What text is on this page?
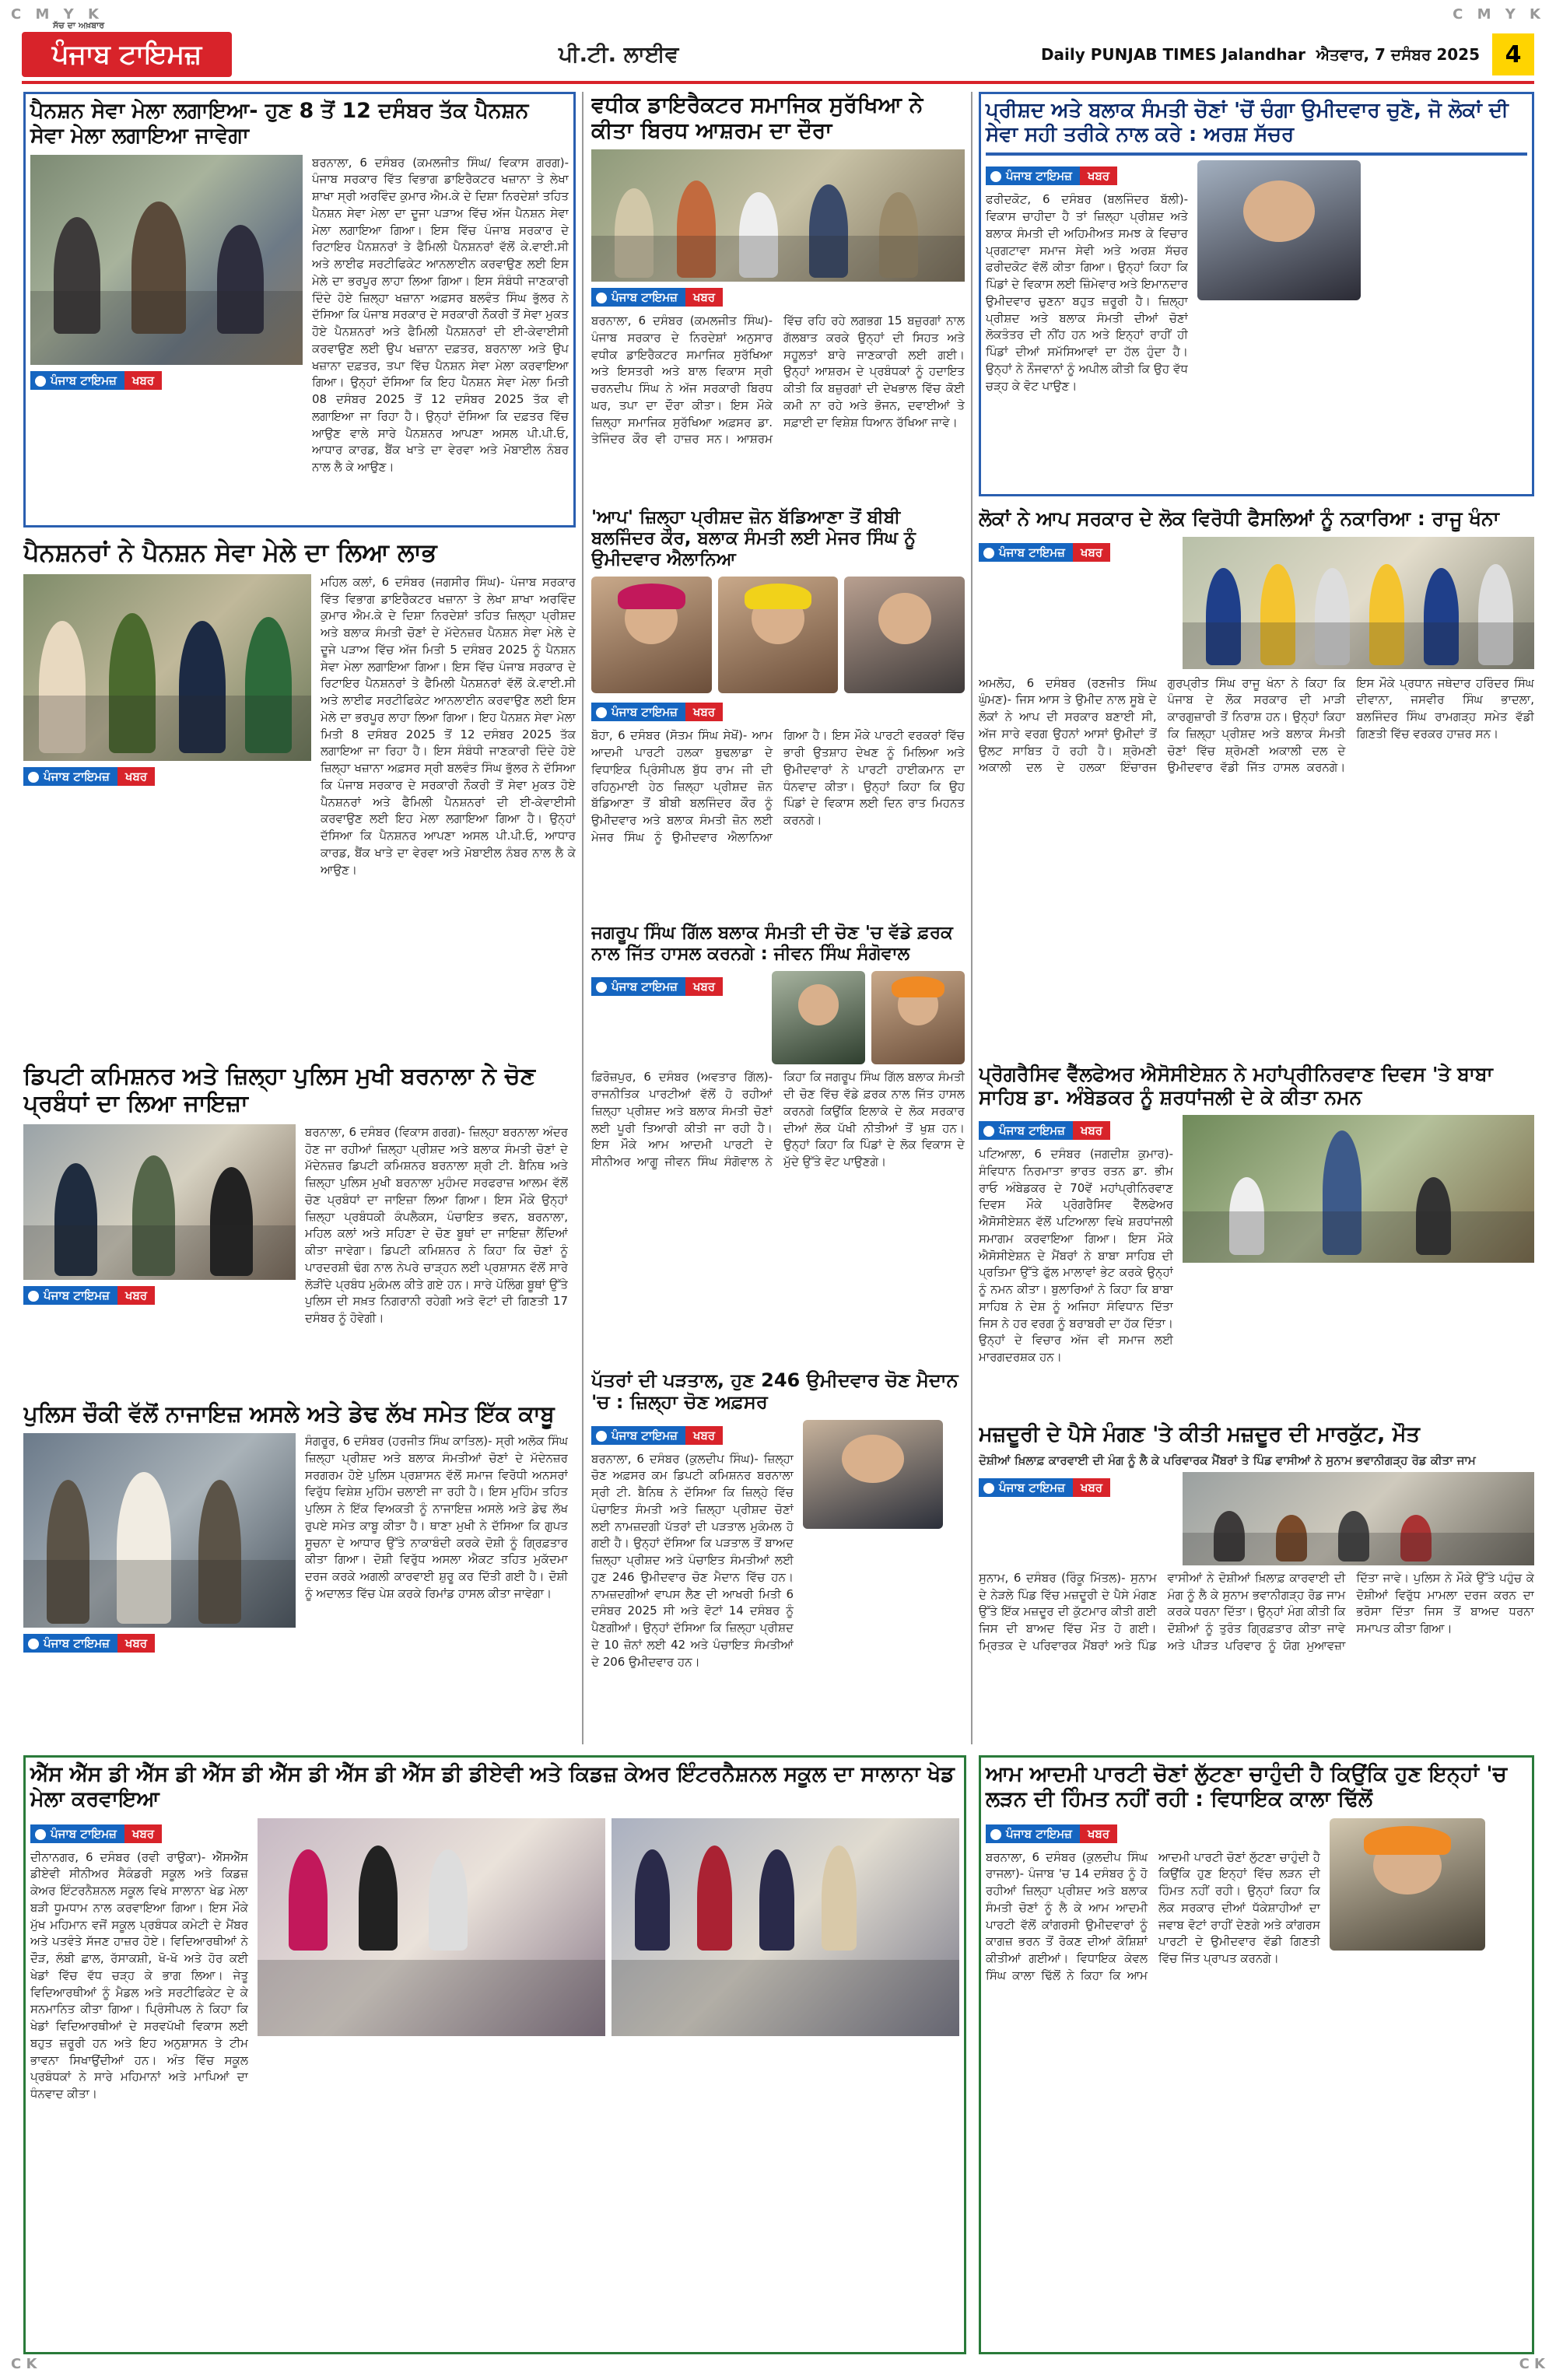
C M Y K	C M Y K
C K	C K
ਸੱਚ ਦਾ ਅਖ਼ਬਾਰ
ਪੰਜਾਬ ਟਾਇਮਜ਼	ਪੀ.ਟੀ. ਲਾਈਵ	Daily PUNJAB TIMES Jalandhar ਐਤਵਾਰ, 7 ਦਸੰਬਰ 2025	4
ਪੈਨਸ਼ਨ ਸੇਵਾ ਮੇਲਾ ਲਗਾਇਆ- ਹੁਣ 8 ਤੋਂ 12 ਦਸੰਬਰ ਤੱਕ ਪੈਨਸ਼ਨ ਸੇਵਾ ਮੇਲਾ ਲਗਾਇਆ ਜਾਵੇਗਾ
ਪੰਜਾਬ ਟਾਇਮਜ਼	ਖਬਰ
ਬਰਨਾਲਾ, 6 ਦਸੰਬਰ (ਕਮਲਜੀਤ ਸਿੰਘ/ ਵਿਕਾਸ ਗਰਗ)- ਪੰਜਾਬ ਸਰਕਾਰ ਵਿੱਤ ਵਿਭਾਗ ਡਾਇਰੈਕਟਰ ਖਜ਼ਾਨਾ ਤੇ ਲੇਖਾ ਸ਼ਾਖਾ ਸ੍ਰੀ ਅਰਵਿੰਦ ਕੁਮਾਰ ਐਮ.ਕੇ ਦੇ ਦਿਸ਼ਾ ਨਿਰਦੇਸ਼ਾਂ ਤਹਿਤ ਪੈਨਸ਼ਨ ਸੇਵਾ ਮੇਲਾ ਦਾ ਦੂਜਾ ਪੜਾਅ ਵਿੱਚ ਅੱਜ ਪੈਨਸ਼ਨ ਸੇਵਾ ਮੇਲਾ ਲਗਾਇਆ ਗਿਆ। ਇਸ ਵਿੱਚ ਪੰਜਾਬ ਸਰਕਾਰ ਦੇ ਰਿਟਾਇਰ ਪੈਨਸ਼ਨਰਾਂ ਤੇ ਫੈਮਿਲੀ ਪੈਨਸ਼ਨਰਾਂ ਵੱਲੋਂ ਕੇ.ਵਾਈ.ਸੀ ਅਤੇ ਲਾਈਫ ਸਰਟੀਫਿਕੇਟ ਆਨਲਾਈਨ ਕਰਵਾਉਣ ਲਈ ਇਸ ਮੇਲੇ ਦਾ ਭਰਪੂਰ ਲਾਹਾ ਲਿਆ ਗਿਆ। ਇਸ ਸੰਬੰਧੀ ਜਾਣਕਾਰੀ ਦਿੰਦੇ ਹੋਏ ਜ਼ਿਲ੍ਹਾ ਖਜ਼ਾਨਾ ਅਫ਼ਸਰ ਬਲਵੰਤ ਸਿੰਘ ਭੁੱਲਰ ਨੇ ਦੱਸਿਆ ਕਿ ਪੰਜਾਬ ਸਰਕਾਰ ਦੇ ਸਰਕਾਰੀ ਨੌਕਰੀ ਤੋਂ ਸੇਵਾ ਮੁਕਤ ਹੋਏ ਪੈਨਸ਼ਨਰਾਂ ਅਤੇ ਫੈਮਿਲੀ ਪੈਨਸ਼ਨਰਾਂ ਦੀ ਈ-ਕੇਵਾਈਸੀ ਕਰਵਾਉਣ ਲਈ ਉਪ ਖਜ਼ਾਨਾ ਦਫ਼ਤਰ, ਬਰਨਾਲਾ ਅਤੇ ਉਪ ਖਜ਼ਾਨਾ ਦਫ਼ਤਰ, ਤਪਾ ਵਿੱਚ ਪੈਨਸ਼ਨ ਸੇਵਾ ਮੇਲਾ ਕਰਵਾਇਆ ਗਿਆ। ਉਨ੍ਹਾਂ ਦੱਸਿਆ ਕਿ ਇਹ ਪੈਨਸ਼ਨ ਸੇਵਾ ਮੇਲਾ ਮਿਤੀ 08 ਦਸੰਬਰ 2025 ਤੋਂ 12 ਦਸੰਬਰ 2025 ਤੱਕ ਵੀ ਲਗਾਇਆ ਜਾ ਰਿਹਾ ਹੈ। ਉਨ੍ਹਾਂ ਦੱਸਿਆ ਕਿ ਦਫ਼ਤਰ ਵਿੱਚ ਆਉਣ ਵਾਲੇ ਸਾਰੇ ਪੈਨਸ਼ਨਰ ਆਪਣਾ ਅਸਲ ਪੀ.ਪੀ.ਓ, ਆਧਾਰ ਕਾਰਡ, ਬੈਂਕ ਖਾਤੇ ਦਾ ਵੇਰਵਾ ਅਤੇ ਮੋਬਾਈਲ ਨੰਬਰ ਨਾਲ ਲੈ ਕੇ ਆਉਣ।
ਪੈਨਸ਼ਨਰਾਂ ਨੇ ਪੈਨਸ਼ਨ ਸੇਵਾ ਮੇਲੇ ਦਾ ਲਿਆ ਲਾਭ
ਪੰਜਾਬ ਟਾਇਮਜ਼	ਖਬਰ
ਮਹਿਲ ਕਲਾਂ, 6 ਦਸੰਬਰ (ਜਗਸੀਰ ਸਿੰਘ)- ਪੰਜਾਬ ਸਰਕਾਰ ਵਿੱਤ ਵਿਭਾਗ ਡਾਇਰੈਕਟਰ ਖਜ਼ਾਨਾ ਤੇ ਲੇਖਾ ਸ਼ਾਖਾ ਅਰਵਿੰਦ ਕੁਮਾਰ ਐਮ.ਕੇ ਦੇ ਦਿਸ਼ਾ ਨਿਰਦੇਸ਼ਾਂ ਤਹਿਤ ਜ਼ਿਲ੍ਹਾ ਪ੍ਰੀਸ਼ਦ ਅਤੇ ਬਲਾਕ ਸੰਮਤੀ ਚੋਣਾਂ ਦੇ ਮੱਦੇਨਜ਼ਰ ਪੈਨਸ਼ਨ ਸੇਵਾ ਮੇਲੇ ਦੇ ਦੂਜੇ ਪੜਾਅ ਵਿੱਚ ਅੱਜ ਮਿਤੀ 5 ਦਸੰਬਰ 2025 ਨੂੰ ਪੈਨਸ਼ਨ ਸੇਵਾ ਮੇਲਾ ਲਗਾਇਆ ਗਿਆ। ਇਸ ਵਿੱਚ ਪੰਜਾਬ ਸਰਕਾਰ ਦੇ ਰਿਟਾਇਰ ਪੈਨਸ਼ਨਰਾਂ ਤੇ ਫੈਮਿਲੀ ਪੈਨਸ਼ਨਰਾਂ ਵੱਲੋਂ ਕੇ.ਵਾਈ.ਸੀ ਅਤੇ ਲਾਈਫ ਸਰਟੀਫਿਕੇਟ ਆਨਲਾਈਨ ਕਰਵਾਉਣ ਲਈ ਇਸ ਮੇਲੇ ਦਾ ਭਰਪੂਰ ਲਾਹਾ ਲਿਆ ਗਿਆ। ਇਹ ਪੈਨਸ਼ਨ ਸੇਵਾ ਮੇਲਾ ਮਿਤੀ 8 ਦਸੰਬਰ 2025 ਤੋਂ 12 ਦਸੰਬਰ 2025 ਤੱਕ ਲਗਾਇਆ ਜਾ ਰਿਹਾ ਹੈ। ਇਸ ਸੰਬੰਧੀ ਜਾਣਕਾਰੀ ਦਿੰਦੇ ਹੋਏ ਜ਼ਿਲ੍ਹਾ ਖਜ਼ਾਨਾ ਅਫ਼ਸਰ ਸ੍ਰੀ ਬਲਵੰਤ ਸਿੰਘ ਭੁੱਲਰ ਨੇ ਦੱਸਿਆ ਕਿ ਪੰਜਾਬ ਸਰਕਾਰ ਦੇ ਸਰਕਾਰੀ ਨੌਕਰੀ ਤੋਂ ਸੇਵਾ ਮੁਕਤ ਹੋਏ ਪੈਨਸ਼ਨਰਾਂ ਅਤੇ ਫੈਮਿਲੀ ਪੈਨਸ਼ਨਰਾਂ ਦੀ ਈ-ਕੇਵਾਈਸੀ ਕਰਵਾਉਣ ਲਈ ਇਹ ਮੇਲਾ ਲਗਾਇਆ ਗਿਆ ਹੈ। ਉਨ੍ਹਾਂ ਦੱਸਿਆ ਕਿ ਪੈਨਸ਼ਨਰ ਆਪਣਾ ਅਸਲ ਪੀ.ਪੀ.ਓ, ਆਧਾਰ ਕਾਰਡ, ਬੈਂਕ ਖਾਤੇ ਦਾ ਵੇਰਵਾ ਅਤੇ ਮੋਬਾਈਲ ਨੰਬਰ ਨਾਲ ਲੈ ਕੇ ਆਉਣ।
ਡਿਪਟੀ ਕਮਿਸ਼ਨਰ ਅਤੇ ਜ਼ਿਲ੍ਹਾ ਪੁਲਿਸ ਮੁਖੀ ਬਰਨਾਲਾ ਨੇ ਚੋਣ ਪ੍ਰਬੰਧਾਂ ਦਾ ਲਿਆ ਜਾਇਜ਼ਾ
ਪੰਜਾਬ ਟਾਇਮਜ਼	ਖਬਰ
ਬਰਨਾਲਾ, 6 ਦਸੰਬਰ (ਵਿਕਾਸ ਗਰਗ)- ਜ਼ਿਲ੍ਹਾ ਬਰਨਾਲਾ ਅੰਦਰ ਹੋਣ ਜਾ ਰਹੀਆਂ ਜ਼ਿਲ੍ਹਾ ਪ੍ਰੀਸ਼ਦ ਅਤੇ ਬਲਾਕ ਸੰਮਤੀ ਚੋਣਾਂ ਦੇ ਮੱਦੇਨਜ਼ਰ ਡਿਪਟੀ ਕਮਿਸ਼ਨਰ ਬਰਨਾਲਾ ਸ਼੍ਰੀ ਟੀ. ਬੈਨਿਥ ਅਤੇ ਜ਼ਿਲ੍ਹਾ ਪੁਲਿਸ ਮੁਖੀ ਬਰਨਾਲਾ ਮੁਹੰਮਦ ਸਰਫਰਾਜ਼ ਆਲਮ ਵੱਲੋਂ ਚੋਣ ਪ੍ਰਬੰਧਾਂ ਦਾ ਜਾਇਜ਼ਾ ਲਿਆ ਗਿਆ। ਇਸ ਮੌਕੇ ਉਨ੍ਹਾਂ ਜ਼ਿਲ੍ਹਾ ਪ੍ਰਬੰਧਕੀ ਕੰਪਲੈਕਸ, ਪੰਚਾਇਤ ਭਵਨ, ਬਰਨਾਲਾ, ਮਹਿਲ ਕਲਾਂ ਅਤੇ ਸਹਿਣਾ ਦੇ ਚੋਣ ਬੂਥਾਂ ਦਾ ਜਾਇਜ਼ਾ ਲੈਂਦਿਆਂ ਕੀਤਾ ਜਾਵੇਗਾ। ਡਿਪਟੀ ਕਮਿਸ਼ਨਰ ਨੇ ਕਿਹਾ ਕਿ ਚੋਣਾਂ ਨੂੰ ਪਾਰਦਰਸ਼ੀ ਢੰਗ ਨਾਲ ਨੇਪਰੇ ਚਾੜ੍ਹਨ ਲਈ ਪ੍ਰਸ਼ਾਸਨ ਵੱਲੋਂ ਸਾਰੇ ਲੋੜੀਂਦੇ ਪ੍ਰਬੰਧ ਮੁਕੰਮਲ ਕੀਤੇ ਗਏ ਹਨ। ਸਾਰੇ ਪੋਲਿੰਗ ਬੂਥਾਂ ਉੱਤੇ ਪੁਲਿਸ ਦੀ ਸਖ਼ਤ ਨਿਗਰਾਨੀ ਰਹੇਗੀ ਅਤੇ ਵੋਟਾਂ ਦੀ ਗਿਣਤੀ 17 ਦਸੰਬਰ ਨੂੰ ਹੋਵੇਗੀ।
ਪੁਲਿਸ ਚੌਕੀ ਵੱਲੋਂ ਨਾਜਾਇਜ਼ ਅਸਲੇ ਅਤੇ ਡੇਢ ਲੱਖ ਸਮੇਤ ਇੱਕ ਕਾਬੂ
ਪੰਜਾਬ ਟਾਇਮਜ਼	ਖਬਰ
ਸੰਗਰੂਰ, 6 ਦਸੰਬਰ (ਹਰਜੀਤ ਸਿੰਘ ਕਾਤਿਲ)- ਸ੍ਰੀ ਅਲੋਕ ਸਿੰਘ ਜ਼ਿਲ੍ਹਾ ਪ੍ਰੀਸ਼ਦ ਅਤੇ ਬਲਾਕ ਸੰਮਤੀਆਂ ਚੋਣਾਂ ਦੇ ਮੱਦੇਨਜ਼ਰ ਸਰਗਰਮ ਹੋਏ ਪੁਲਿਸ ਪ੍ਰਸ਼ਾਸਨ ਵੱਲੋਂ ਸਮਾਜ ਵਿਰੋਧੀ ਅਨਸਰਾਂ ਵਿਰੁੱਧ ਵਿਸ਼ੇਸ਼ ਮੁਹਿੰਮ ਚਲਾਈ ਜਾ ਰਹੀ ਹੈ। ਇਸ ਮੁਹਿੰਮ ਤਹਿਤ ਪੁਲਿਸ ਨੇ ਇੱਕ ਵਿਅਕਤੀ ਨੂੰ ਨਾਜਾਇਜ਼ ਅਸਲੇ ਅਤੇ ਡੇਢ ਲੱਖ ਰੁਪਏ ਸਮੇਤ ਕਾਬੂ ਕੀਤਾ ਹੈ। ਥਾਣਾ ਮੁਖੀ ਨੇ ਦੱਸਿਆ ਕਿ ਗੁਪਤ ਸੂਚਨਾ ਦੇ ਆਧਾਰ ਉੱਤੇ ਨਾਕਾਬੰਦੀ ਕਰਕੇ ਦੋਸ਼ੀ ਨੂੰ ਗ੍ਰਿਫ਼ਤਾਰ ਕੀਤਾ ਗਿਆ। ਦੋਸ਼ੀ ਵਿਰੁੱਧ ਅਸਲਾ ਐਕਟ ਤਹਿਤ ਮੁਕੱਦਮਾ ਦਰਜ ਕਰਕੇ ਅਗਲੀ ਕਾਰਵਾਈ ਸ਼ੁਰੂ ਕਰ ਦਿੱਤੀ ਗਈ ਹੈ। ਦੋਸ਼ੀ ਨੂੰ ਅਦਾਲਤ ਵਿੱਚ ਪੇਸ਼ ਕਰਕੇ ਰਿਮਾਂਡ ਹਾਸਲ ਕੀਤਾ ਜਾਵੇਗਾ।
ਵਧੀਕ ਡਾਇਰੈਕਟਰ ਸਮਾਜਿਕ ਸੁਰੱਖਿਆ ਨੇ ਕੀਤਾ ਬਿਰਧ ਆਸ਼ਰਮ ਦਾ ਦੌਰਾ
ਪੰਜਾਬ ਟਾਇਮਜ਼	ਖਬਰ
ਬਰਨਾਲਾ, 6 ਦਸੰਬਰ (ਕਮਲਜੀਤ ਸਿੰਘ)- ਪੰਜਾਬ ਸਰਕਾਰ ਦੇ ਨਿਰਦੇਸ਼ਾਂ ਅਨੁਸਾਰ ਵਧੀਕ ਡਾਇਰੈਕਟਰ ਸਮਾਜਿਕ ਸੁਰੱਖਿਆ ਅਤੇ ਇਸਤਰੀ ਅਤੇ ਬਾਲ ਵਿਕਾਸ ਸ੍ਰੀ ਚਰਨਦੀਪ ਸਿੰਘ ਨੇ ਅੱਜ ਸਰਕਾਰੀ ਬਿਰਧ ਘਰ, ਤਪਾ ਦਾ ਦੌਰਾ ਕੀਤਾ। ਇਸ ਮੌਕੇ ਜ਼ਿਲ੍ਹਾ ਸਮਾਜਿਕ ਸੁਰੱਖਿਆ ਅਫ਼ਸਰ ਡਾ. ਤੇਜਿੰਦਰ ਕੌਰ ਵੀ ਹਾਜ਼ਰ ਸਨ। ਆਸ਼ਰਮ ਵਿੱਚ ਰਹਿ ਰਹੇ ਲਗਭਗ 15 ਬਜ਼ੁਰਗਾਂ ਨਾਲ ਗੱਲਬਾਤ ਕਰਕੇ ਉਨ੍ਹਾਂ ਦੀ ਸਿਹਤ ਅਤੇ ਸਹੂਲਤਾਂ ਬਾਰੇ ਜਾਣਕਾਰੀ ਲਈ ਗਈ। ਉਨ੍ਹਾਂ ਆਸ਼ਰਮ ਦੇ ਪ੍ਰਬੰਧਕਾਂ ਨੂੰ ਹਦਾਇਤ ਕੀਤੀ ਕਿ ਬਜ਼ੁਰਗਾਂ ਦੀ ਦੇਖਭਾਲ ਵਿੱਚ ਕੋਈ ਕਮੀ ਨਾ ਰਹੇ ਅਤੇ ਭੋਜਨ, ਦਵਾਈਆਂ ਤੇ ਸਫ਼ਾਈ ਦਾ ਵਿਸ਼ੇਸ਼ ਧਿਆਨ ਰੱਖਿਆ ਜਾਵੇ।
'ਆਪ' ਜ਼ਿਲ੍ਹਾ ਪ੍ਰੀਸ਼ਦ ਜ਼ੋਨ ਬੱਡਿਆਣਾ ਤੋਂ ਬੀਬੀ ਬਲਜਿੰਦਰ ਕੌਰ, ਬਲਾਕ ਸੰਮਤੀ ਲਈ ਮੇਜਰ ਸਿੰਘ ਨੂੰ ਉਮੀਦਵਾਰ ਐਲਾਨਿਆ
ਪੰਜਾਬ ਟਾਇਮਜ਼	ਖਬਰ
ਬੋਹਾ, 6 ਦਸੰਬਰ (ਸੋਤਮ ਸਿੰਘ ਸੇਖੋਂ)- ਆਮ ਆਦਮੀ ਪਾਰਟੀ ਹਲਕਾ ਬੁਢਲਾਡਾ ਦੇ ਵਿਧਾਇਕ ਪ੍ਰਿੰਸੀਪਲ ਬੁੱਧ ਰਾਮ ਜੀ ਦੀ ਰਹਿਨੁਮਾਈ ਹੇਠ ਜ਼ਿਲ੍ਹਾ ਪ੍ਰੀਸ਼ਦ ਜ਼ੋਨ ਬੱਡਿਆਣਾ ਤੋਂ ਬੀਬੀ ਬਲਜਿੰਦਰ ਕੌਰ ਨੂੰ ਉਮੀਦਵਾਰ ਅਤੇ ਬਲਾਕ ਸੰਮਤੀ ਜ਼ੋਨ ਲਈ ਮੇਜਰ ਸਿੰਘ ਨੂੰ ਉਮੀਦਵਾਰ ਐਲਾਨਿਆ ਗਿਆ ਹੈ। ਇਸ ਮੌਕੇ ਪਾਰਟੀ ਵਰਕਰਾਂ ਵਿੱਚ ਭਾਰੀ ਉਤਸ਼ਾਹ ਦੇਖਣ ਨੂੰ ਮਿਲਿਆ ਅਤੇ ਉਮੀਦਵਾਰਾਂ ਨੇ ਪਾਰਟੀ ਹਾਈਕਮਾਨ ਦਾ ਧੰਨਵਾਦ ਕੀਤਾ। ਉਨ੍ਹਾਂ ਕਿਹਾ ਕਿ ਉਹ ਪਿੰਡਾਂ ਦੇ ਵਿਕਾਸ ਲਈ ਦਿਨ ਰਾਤ ਮਿਹਨਤ ਕਰਨਗੇ।
ਜਗਰੂਪ ਸਿੰਘ ਗਿੱਲ ਬਲਾਕ ਸੰਮਤੀ ਦੀ ਚੋਣ 'ਚ ਵੱਡੇ ਫ਼ਰਕ ਨਾਲ ਜਿੱਤ ਹਾਸਲ ਕਰਨਗੇ : ਜੀਵਨ ਸਿੰਘ ਸੰਗੋਵਾਲ
ਪੰਜਾਬ ਟਾਇਮਜ਼	ਖਬਰ
ਫ਼ਿਰੋਜ਼ਪੁਰ, 6 ਦਸੰਬਰ (ਅਵਤਾਰ ਗਿੱਲ)- ਰਾਜਨੀਤਿਕ ਪਾਰਟੀਆਂ ਵੱਲੋਂ ਹੋ ਰਹੀਆਂ ਜ਼ਿਲ੍ਹਾ ਪ੍ਰੀਸ਼ਦ ਅਤੇ ਬਲਾਕ ਸੰਮਤੀ ਚੋਣਾਂ ਲਈ ਪੂਰੀ ਤਿਆਰੀ ਕੀਤੀ ਜਾ ਰਹੀ ਹੈ। ਇਸ ਮੌਕੇ ਆਮ ਆਦਮੀ ਪਾਰਟੀ ਦੇ ਸੀਨੀਅਰ ਆਗੂ ਜੀਵਨ ਸਿੰਘ ਸੰਗੋਵਾਲ ਨੇ ਕਿਹਾ ਕਿ ਜਗਰੂਪ ਸਿੰਘ ਗਿੱਲ ਬਲਾਕ ਸੰਮਤੀ ਦੀ ਚੋਣ ਵਿੱਚ ਵੱਡੇ ਫ਼ਰਕ ਨਾਲ ਜਿੱਤ ਹਾਸਲ ਕਰਨਗੇ ਕਿਉਂਕਿ ਇਲਾਕੇ ਦੇ ਲੋਕ ਸਰਕਾਰ ਦੀਆਂ ਲੋਕ ਪੱਖੀ ਨੀਤੀਆਂ ਤੋਂ ਖੁਸ਼ ਹਨ। ਉਨ੍ਹਾਂ ਕਿਹਾ ਕਿ ਪਿੰਡਾਂ ਦੇ ਲੋਕ ਵਿਕਾਸ ਦੇ ਮੁੱਦੇ ਉੱਤੇ ਵੋਟ ਪਾਉਣਗੇ।
ਪੱਤਰਾਂ ਦੀ ਪੜਤਾਲ, ਹੁਣ 246 ਉਮੀਦਵਾਰ ਚੋਣ ਮੈਦਾਨ 'ਚ : ਜ਼ਿਲ੍ਹਾ ਚੋਣ ਅਫ਼ਸਰ
ਪੰਜਾਬ ਟਾਇਮਜ਼	ਖਬਰ
ਬਰਨਾਲਾ, 6 ਦਸੰਬਰ (ਕੁਲਦੀਪ ਸਿੰਘ)- ਜ਼ਿਲ੍ਹਾ ਚੋਣ ਅਫ਼ਸਰ ਕਮ ਡਿਪਟੀ ਕਮਿਸ਼ਨਰ ਬਰਨਾਲਾ ਸ੍ਰੀ ਟੀ. ਬੈਨਿਥ ਨੇ ਦੱਸਿਆ ਕਿ ਜ਼ਿਲ੍ਹੇ ਵਿੱਚ ਪੰਚਾਇਤ ਸੰਮਤੀ ਅਤੇ ਜ਼ਿਲ੍ਹਾ ਪ੍ਰੀਸ਼ਦ ਚੋਣਾਂ ਲਈ ਨਾਮਜ਼ਦਗੀ ਪੱਤਰਾਂ ਦੀ ਪੜਤਾਲ ਮੁਕੰਮਲ ਹੋ ਗਈ ਹੈ। ਉਨ੍ਹਾਂ ਦੱਸਿਆ ਕਿ ਪੜਤਾਲ ਤੋਂ ਬਾਅਦ ਜ਼ਿਲ੍ਹਾ ਪ੍ਰੀਸ਼ਦ ਅਤੇ ਪੰਚਾਇਤ ਸੰਮਤੀਆਂ ਲਈ ਹੁਣ 246 ਉਮੀਦਵਾਰ ਚੋਣ ਮੈਦਾਨ ਵਿੱਚ ਹਨ। ਨਾਮਜ਼ਦਗੀਆਂ ਵਾਪਸ ਲੈਣ ਦੀ ਆਖਰੀ ਮਿਤੀ 6 ਦਸੰਬਰ 2025 ਸੀ ਅਤੇ ਵੋਟਾਂ 14 ਦਸੰਬਰ ਨੂੰ ਪੈਣਗੀਆਂ। ਉਨ੍ਹਾਂ ਦੱਸਿਆ ਕਿ ਜ਼ਿਲ੍ਹਾ ਪ੍ਰੀਸ਼ਦ ਦੇ 10 ਜ਼ੋਨਾਂ ਲਈ 42 ਅਤੇ ਪੰਚਾਇਤ ਸੰਮਤੀਆਂ ਦੇ 206 ਉਮੀਦਵਾਰ ਹਨ।
ਪ੍ਰੀਸ਼ਦ ਅਤੇ ਬਲਾਕ ਸੰਮਤੀ ਚੋਣਾਂ 'ਚੋਂ ਚੰਗਾ ਉਮੀਦਵਾਰ ਚੁਣੋ, ਜੋ ਲੋਕਾਂ ਦੀ ਸੇਵਾ ਸਹੀ ਤਰੀਕੇ ਨਾਲ ਕਰੇ : ਅਰਸ਼ ਸੱਚਰ
ਪੰਜਾਬ ਟਾਇਮਜ਼	ਖਬਰ
ਫਰੀਦਕੋਟ, 6 ਦਸੰਬਰ (ਬਲਜਿੰਦਰ ਬੱਲੀ)- ਵਿਕਾਸ ਚਾਹੀਦਾ ਹੈ ਤਾਂ ਜ਼ਿਲ੍ਹਾ ਪ੍ਰੀਸ਼ਦ ਅਤੇ ਬਲਾਕ ਸੰਮਤੀ ਦੀ ਅਹਿਮੀਅਤ ਸਮਝ ਕੇ ਵਿਚਾਰ ਪ੍ਰਗਟਾਵਾ ਸਮਾਜ ਸੇਵੀ ਅਤੇ ਅਰਸ਼ ਸੱਚਰ ਫਰੀਦਕੋਟ ਵੱਲੋਂ ਕੀਤਾ ਗਿਆ। ਉਨ੍ਹਾਂ ਕਿਹਾ ਕਿ ਪਿੰਡਾਂ ਦੇ ਵਿਕਾਸ ਲਈ ਜ਼ਿੰਮੇਵਾਰ ਅਤੇ ਇਮਾਨਦਾਰ ਉਮੀਦਵਾਰ ਚੁਣਨਾ ਬਹੁਤ ਜ਼ਰੂਰੀ ਹੈ। ਜ਼ਿਲ੍ਹਾ ਪ੍ਰੀਸ਼ਦ ਅਤੇ ਬਲਾਕ ਸੰਮਤੀ ਦੀਆਂ ਚੋਣਾਂ ਲੋਕਤੰਤਰ ਦੀ ਨੀਂਹ ਹਨ ਅਤੇ ਇਨ੍ਹਾਂ ਰਾਹੀਂ ਹੀ ਪਿੰਡਾਂ ਦੀਆਂ ਸਮੱਸਿਆਵਾਂ ਦਾ ਹੱਲ ਹੁੰਦਾ ਹੈ। ਉਨ੍ਹਾਂ ਨੇ ਨੌਜਵਾਨਾਂ ਨੂੰ ਅਪੀਲ ਕੀਤੀ ਕਿ ਉਹ ਵੱਧ ਚੜ੍ਹ ਕੇ ਵੋਟ ਪਾਉਣ।
ਲੋਕਾਂ ਨੇ ਆਪ ਸਰਕਾਰ ਦੇ ਲੋਕ ਵਿਰੋਧੀ ਫੈਸਲਿਆਂ ਨੂੰ ਨਕਾਰਿਆ : ਰਾਜੂ ਖੰਨਾ
ਪੰਜਾਬ ਟਾਇਮਜ਼	ਖਬਰ
ਅਮਲੋਹ, 6 ਦਸੰਬਰ (ਰਣਜੀਤ ਸਿੰਘ ਘੁੰਮਣ)- ਜਿਸ ਆਸ ਤੇ ਉਮੀਦ ਨਾਲ ਸੂਬੇ ਦੇ ਲੋਕਾਂ ਨੇ ਆਪ ਦੀ ਸਰਕਾਰ ਬਣਾਈ ਸੀ, ਅੱਜ ਸਾਰੇ ਵਰਗ ਉਹਨਾਂ ਆਸਾਂ ਉਮੀਦਾਂ ਤੋਂ ਉਲਟ ਸਾਬਿਤ ਹੋ ਰਹੀ ਹੈ। ਸ਼੍ਰੋਮਣੀ ਅਕਾਲੀ ਦਲ ਦੇ ਹਲਕਾ ਇੰਚਾਰਜ ਗੁਰਪ੍ਰੀਤ ਸਿੰਘ ਰਾਜੂ ਖੰਨਾ ਨੇ ਕਿਹਾ ਕਿ ਪੰਜਾਬ ਦੇ ਲੋਕ ਸਰਕਾਰ ਦੀ ਮਾੜੀ ਕਾਰਗੁਜ਼ਾਰੀ ਤੋਂ ਨਿਰਾਸ਼ ਹਨ। ਉਨ੍ਹਾਂ ਕਿਹਾ ਕਿ ਜ਼ਿਲ੍ਹਾ ਪ੍ਰੀਸ਼ਦ ਅਤੇ ਬਲਾਕ ਸੰਮਤੀ ਚੋਣਾਂ ਵਿੱਚ ਸ਼੍ਰੋਮਣੀ ਅਕਾਲੀ ਦਲ ਦੇ ਉਮੀਦਵਾਰ ਵੱਡੀ ਜਿੱਤ ਹਾਸਲ ਕਰਨਗੇ। ਇਸ ਮੌਕੇ ਪ੍ਰਧਾਨ ਜਥੇਦਾਰ ਹਰਿੰਦਰ ਸਿੰਘ ਦੀਵਾਨਾ, ਜਸਵੀਰ ਸਿੰਘ ਭਾਦਲਾ, ਬਲਜਿੰਦਰ ਸਿੰਘ ਰਾਮਗੜ੍ਹ ਸਮੇਤ ਵੱਡੀ ਗਿਣਤੀ ਵਿੱਚ ਵਰਕਰ ਹਾਜ਼ਰ ਸਨ।
ਪ੍ਰੋਗਰੈਸਿਵ ਵੈੱਲਫੇਅਰ ਐਸੋਸੀਏਸ਼ਨ ਨੇ ਮਹਾਂਪ੍ਰੀਨਿਰਵਾਣ ਦਿਵਸ 'ਤੇ ਬਾਬਾ ਸਾਹਿਬ ਡਾ. ਅੰਬੇਡਕਰ ਨੂੰ ਸ਼ਰਧਾਂਜਲੀ ਦੇ ਕੇ ਕੀਤਾ ਨਮਨ
ਪੰਜਾਬ ਟਾਇਮਜ਼	ਖਬਰ
ਪਟਿਆਲਾ, 6 ਦਸੰਬਰ (ਜਗਦੀਸ਼ ਕੁਮਾਰ)- ਸੰਵਿਧਾਨ ਨਿਰਮਾਤਾ ਭਾਰਤ ਰਤਨ ਡਾ. ਭੀਮ ਰਾਓ ਅੰਬੇਡਕਰ ਦੇ 70ਵੇਂ ਮਹਾਂਪ੍ਰੀਨਿਰਵਾਣ ਦਿਵਸ ਮੌਕੇ ਪ੍ਰੋਗਰੈਸਿਵ ਵੈੱਲਫੇਅਰ ਐਸੋਸੀਏਸ਼ਨ ਵੱਲੋਂ ਪਟਿਆਲਾ ਵਿਖੇ ਸ਼ਰਧਾਂਜਲੀ ਸਮਾਗਮ ਕਰਵਾਇਆ ਗਿਆ। ਇਸ ਮੌਕੇ ਐਸੋਸੀਏਸ਼ਨ ਦੇ ਮੈਂਬਰਾਂ ਨੇ ਬਾਬਾ ਸਾਹਿਬ ਦੀ ਪ੍ਰਤਿਮਾ ਉੱਤੇ ਫੁੱਲ ਮਾਲਾਵਾਂ ਭੇਟ ਕਰਕੇ ਉਨ੍ਹਾਂ ਨੂੰ ਨਮਨ ਕੀਤਾ। ਬੁਲਾਰਿਆਂ ਨੇ ਕਿਹਾ ਕਿ ਬਾਬਾ ਸਾਹਿਬ ਨੇ ਦੇਸ਼ ਨੂੰ ਅਜਿਹਾ ਸੰਵਿਧਾਨ ਦਿੱਤਾ ਜਿਸ ਨੇ ਹਰ ਵਰਗ ਨੂੰ ਬਰਾਬਰੀ ਦਾ ਹੱਕ ਦਿੱਤਾ। ਉਨ੍ਹਾਂ ਦੇ ਵਿਚਾਰ ਅੱਜ ਵੀ ਸਮਾਜ ਲਈ ਮਾਰਗਦਰਸ਼ਕ ਹਨ।
ਮਜ਼ਦੂਰੀ ਦੇ ਪੈਸੇ ਮੰਗਣ 'ਤੇ ਕੀਤੀ ਮਜ਼ਦੂਰ ਦੀ ਮਾਰਕੁੱਟ, ਮੌਤ
ਦੋਸ਼ੀਆਂ ਖ਼ਿਲਾਫ਼ ਕਾਰਵਾਈ ਦੀ ਮੰਗ ਨੂੰ ਲੈ ਕੇ ਪਰਿਵਾਰਕ ਮੈਂਬਰਾਂ ਤੇ ਪਿੰਡ ਵਾਸੀਆਂ ਨੇ ਸੁਨਾਮ ਭਵਾਨੀਗੜ੍ਹ ਰੋਡ ਕੀਤਾ ਜਾਮ
ਪੰਜਾਬ ਟਾਇਮਜ਼	ਖਬਰ
ਸੁਨਾਮ, 6 ਦਸੰਬਰ (ਰਿੰਕੂ ਮਿੱਤਲ)- ਸੁਨਾਮ ਦੇ ਨੇੜਲੇ ਪਿੰਡ ਵਿੱਚ ਮਜ਼ਦੂਰੀ ਦੇ ਪੈਸੇ ਮੰਗਣ ਉੱਤੇ ਇੱਕ ਮਜ਼ਦੂਰ ਦੀ ਕੁੱਟਮਾਰ ਕੀਤੀ ਗਈ ਜਿਸ ਦੀ ਬਾਅਦ ਵਿੱਚ ਮੌਤ ਹੋ ਗਈ। ਮ੍ਰਿਤਕ ਦੇ ਪਰਿਵਾਰਕ ਮੈਂਬਰਾਂ ਅਤੇ ਪਿੰਡ ਵਾਸੀਆਂ ਨੇ ਦੋਸ਼ੀਆਂ ਖ਼ਿਲਾਫ਼ ਕਾਰਵਾਈ ਦੀ ਮੰਗ ਨੂੰ ਲੈ ਕੇ ਸੁਨਾਮ ਭਵਾਨੀਗੜ੍ਹ ਰੋਡ ਜਾਮ ਕਰਕੇ ਧਰਨਾ ਦਿੱਤਾ। ਉਨ੍ਹਾਂ ਮੰਗ ਕੀਤੀ ਕਿ ਦੋਸ਼ੀਆਂ ਨੂੰ ਤੁਰੰਤ ਗ੍ਰਿਫ਼ਤਾਰ ਕੀਤਾ ਜਾਵੇ ਅਤੇ ਪੀੜਤ ਪਰਿਵਾਰ ਨੂੰ ਯੋਗ ਮੁਆਵਜ਼ਾ ਦਿੱਤਾ ਜਾਵੇ। ਪੁਲਿਸ ਨੇ ਮੌਕੇ ਉੱਤੇ ਪਹੁੰਚ ਕੇ ਦੋਸ਼ੀਆਂ ਵਿਰੁੱਧ ਮਾਮਲਾ ਦਰਜ ਕਰਨ ਦਾ ਭਰੋਸਾ ਦਿੱਤਾ ਜਿਸ ਤੋਂ ਬਾਅਦ ਧਰਨਾ ਸਮਾਪਤ ਕੀਤਾ ਗਿਆ।
ਐੱਸ ਐੱਸ ਡੀ ਐੱਸ ਡੀ ਐੱਸ ਡੀ ਐੱਸ ਡੀ ਐੱਸ ਡੀ ਐੱਸ ਡੀ ਡੀਏਵੀ ਅਤੇ ਕਿਡਜ਼ ਕੇਅਰ ਇੰਟਰਨੈਸ਼ਨਲ ਸਕੂਲ ਦਾ ਸਾਲਾਨਾ ਖੇਡ ਮੇਲਾ ਕਰਵਾਇਆ
ਪੰਜਾਬ ਟਾਇਮਜ਼	ਖਬਰ
ਦੀਨਾਨਗਰ, 6 ਦਸੰਬਰ (ਰਵੀ ਰਾਉਕਾ)- ਐੱਸਐੱਸ ਡੀਏਵੀ ਸੀਨੀਅਰ ਸੈਕੰਡਰੀ ਸਕੂਲ ਅਤੇ ਕਿਡਜ਼ ਕੇਅਰ ਇੰਟਰਨੈਸ਼ਨਲ ਸਕੂਲ ਵਿਖੇ ਸਾਲਾਨਾ ਖੇਡ ਮੇਲਾ ਬੜੀ ਧੂਮਧਾਮ ਨਾਲ ਕਰਵਾਇਆ ਗਿਆ। ਇਸ ਮੌਕੇ ਮੁੱਖ ਮਹਿਮਾਨ ਵਜੋਂ ਸਕੂਲ ਪ੍ਰਬੰਧਕ ਕਮੇਟੀ ਦੇ ਮੈਂਬਰ ਅਤੇ ਪਤਵੰਤੇ ਸੱਜਣ ਹਾਜ਼ਰ ਹੋਏ। ਵਿਦਿਆਰਥੀਆਂ ਨੇ ਦੌੜ, ਲੰਬੀ ਛਾਲ, ਰੱਸਾਕਸ਼ੀ, ਖੋ-ਖੋ ਅਤੇ ਹੋਰ ਕਈ ਖੇਡਾਂ ਵਿੱਚ ਵੱਧ ਚੜ੍ਹ ਕੇ ਭਾਗ ਲਿਆ। ਜੇਤੂ ਵਿਦਿਆਰਥੀਆਂ ਨੂੰ ਮੈਡਲ ਅਤੇ ਸਰਟੀਫਿਕੇਟ ਦੇ ਕੇ ਸਨਮਾਨਿਤ ਕੀਤਾ ਗਿਆ। ਪ੍ਰਿੰਸੀਪਲ ਨੇ ਕਿਹਾ ਕਿ ਖੇਡਾਂ ਵਿਦਿਆਰਥੀਆਂ ਦੇ ਸਰਵਪੱਖੀ ਵਿਕਾਸ ਲਈ ਬਹੁਤ ਜ਼ਰੂਰੀ ਹਨ ਅਤੇ ਇਹ ਅਨੁਸ਼ਾਸਨ ਤੇ ਟੀਮ ਭਾਵਨਾ ਸਿਖਾਉਂਦੀਆਂ ਹਨ। ਅੰਤ ਵਿੱਚ ਸਕੂਲ ਪ੍ਰਬੰਧਕਾਂ ਨੇ ਸਾਰੇ ਮਹਿਮਾਨਾਂ ਅਤੇ ਮਾਪਿਆਂ ਦਾ ਧੰਨਵਾਦ ਕੀਤਾ।
ਆਮ ਆਦਮੀ ਪਾਰਟੀ ਚੋਣਾਂ ਲੁੱਟਣਾ ਚਾਹੁੰਦੀ ਹੈ ਕਿਉਂਕਿ ਹੁਣ ਇਨ੍ਹਾਂ 'ਚ ਲੜਨ ਦੀ ਹਿੰਮਤ ਨਹੀਂ ਰਹੀ : ਵਿਧਾਇਕ ਕਾਲਾ ਢਿੱਲੋਂ
ਪੰਜਾਬ ਟਾਇਮਜ਼	ਖਬਰ
ਬਰਨਾਲਾ, 6 ਦਸੰਬਰ (ਕੁਲਦੀਪ ਸਿੰਘ ਰਾਜਲਾ)- ਪੰਜਾਬ 'ਚ 14 ਦਸੰਬਰ ਨੂੰ ਹੋ ਰਹੀਆਂ ਜ਼ਿਲ੍ਹਾ ਪ੍ਰੀਸ਼ਦ ਅਤੇ ਬਲਾਕ ਸੰਮਤੀ ਚੋਣਾਂ ਨੂੰ ਲੈ ਕੇ ਆਮ ਆਦਮੀ ਪਾਰਟੀ ਵੱਲੋਂ ਕਾਂਗਰਸੀ ਉਮੀਦਵਾਰਾਂ ਨੂੰ ਕਾਗਜ਼ ਭਰਨ ਤੋਂ ਰੋਕਣ ਦੀਆਂ ਕੋਸ਼ਿਸ਼ਾਂ ਕੀਤੀਆਂ ਗਈਆਂ। ਵਿਧਾਇਕ ਕੇਵਲ ਸਿੰਘ ਕਾਲਾ ਢਿੱਲੋਂ ਨੇ ਕਿਹਾ ਕਿ ਆਮ ਆਦਮੀ ਪਾਰਟੀ ਚੋਣਾਂ ਲੁੱਟਣਾ ਚਾਹੁੰਦੀ ਹੈ ਕਿਉਂਕਿ ਹੁਣ ਇਨ੍ਹਾਂ ਵਿੱਚ ਲੜਨ ਦੀ ਹਿੰਮਤ ਨਹੀਂ ਰਹੀ। ਉਨ੍ਹਾਂ ਕਿਹਾ ਕਿ ਲੋਕ ਸਰਕਾਰ ਦੀਆਂ ਧੱਕੇਸ਼ਾਹੀਆਂ ਦਾ ਜਵਾਬ ਵੋਟਾਂ ਰਾਹੀਂ ਦੇਣਗੇ ਅਤੇ ਕਾਂਗਰਸ ਪਾਰਟੀ ਦੇ ਉਮੀਦਵਾਰ ਵੱਡੀ ਗਿਣਤੀ ਵਿੱਚ ਜਿੱਤ ਪ੍ਰਾਪਤ ਕਰਨਗੇ।
